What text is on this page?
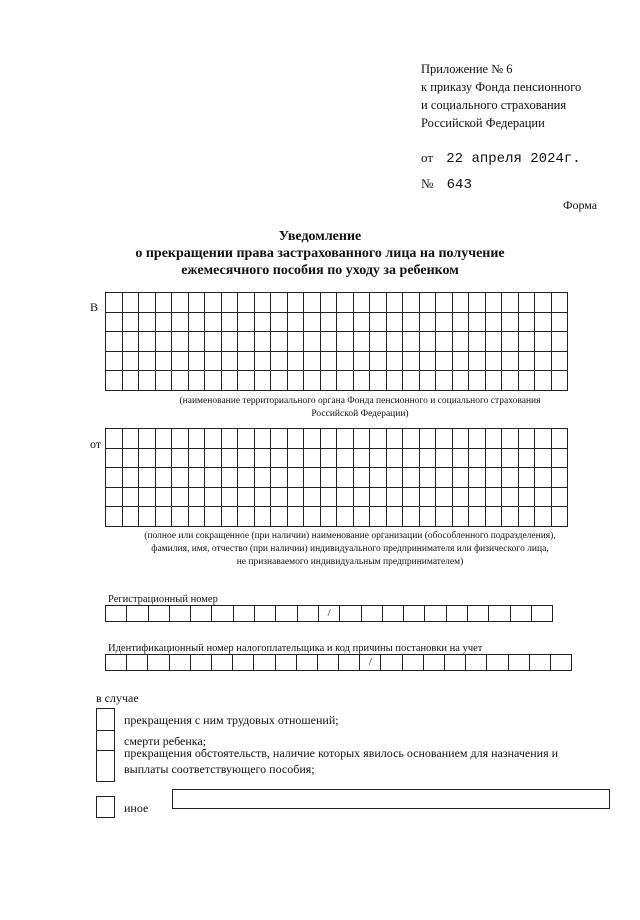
Приложение № 6
к приказу Фонда пенсионного
и социального страхования
Российской Федерации
от 22 апреля 2024г.
№ 643
Форма
Уведомление
о прекращении права застрахованного лица на получение
ежемесячного пособия по уходу за ребенком
В

(наименование территориального органа Фонда пенсионного и социального страхования
Российской Федерации)
от

(полное или сокращенное (при наличии) наименование организации (обособленного подразделения),
фамилия, имя, отчество (при наличии) индивидуального предпринимателя или физического лица,
не признаваемого индивидуальным предпринимателем)
Регистрационный номер
/
Идентификационный номер налогоплательщика и код причины постановки на учет
/
в случае
прекращения с ним трудовых отношений;
смерти ребенка;
прекращения обстоятельств, наличие которых явилось основанием для назначения и
выплаты соответствующего пособия;
иное
